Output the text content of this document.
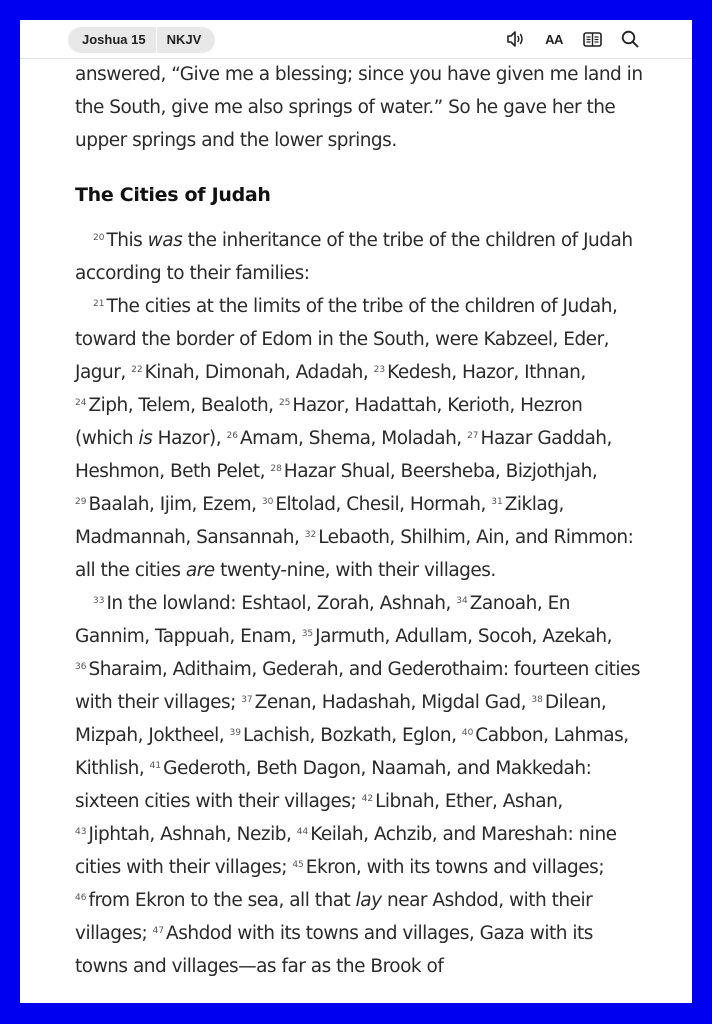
Joshua 15	NKJV	AA

answered, “Give me a blessing; since you have given me land in the South, give me also springs of water.” So he gave her the upper springs and the lower springs.

The Cities of Judah

$^{20}$ This was the inheritance of the tribe of the children of Judah according to their families:

$^{21}$ The cities at the limits of the tribe of the children of Judah, toward the border of Edom in the South, were Kabzeel, Eder, Jagur, $^{22}$ Kinah, Dimonah, Adadah, $^{23}$ Kedesh, Hazor, Ithnan, $^{24}$ Ziph, Telem, Bealoth, $^{25}$ Hazor, Hadattah, Kerioth, Hezron (which is Hazor), $^{26}$ Amam, Shema, Moladah, $^{27}$ Hazar Gaddah, Heshmon, Beth Pelet, $^{28}$ Hazar Shual, Beersheba, Bizjothjah, $^{29}$ Baalah, Ijim, Ezem, $^{30}$ Eltolad, Chesil, Hormah, $^{31}$ Ziklag, Madmannah, Sansannah, $^{32}$ Lebaoth, Shilhim, Ain, and Rimmon: all the cities are twenty-nine, with their villages.

$^{33}$ In the lowland: Eshtaol, Zorah, Ashnah, $^{34}$ Zanoah, En Gannim, Tappuah, Enam, $^{35}$ Jarmuth, Adullam, Socoh, Azekah, $^{36}$ Sharaim, Adithaim, Gederah, and Gederothaim: fourteen cities with their villages; $^{37}$ Zenan, Hadashah, Migdal Gad, $^{38}$ Dilean, Mizpah, Joktheel, $^{39}$ Lachish, Bozkath, Eglon, $^{40}$ Cabbon, Lahmas, Kithlish, $^{41}$ Gederoth, Beth Dagon, Naamah, and Makkedah: sixteen cities with their villages; $^{42}$ Libnah, Ether, Ashan, $^{43}$ Jiphtah, Ashnah, Nezib, $^{44}$ Keilah, Achzib, and Mareshah: nine cities with their villages; $^{45}$ Ekron, with its towns and villages; $^{46}$ from Ekron to the sea, all that lay near Ashdod, with their villages; $^{47}$ Ashdod with its towns and villages, Gaza with its towns and villages—as far as the Brook of
